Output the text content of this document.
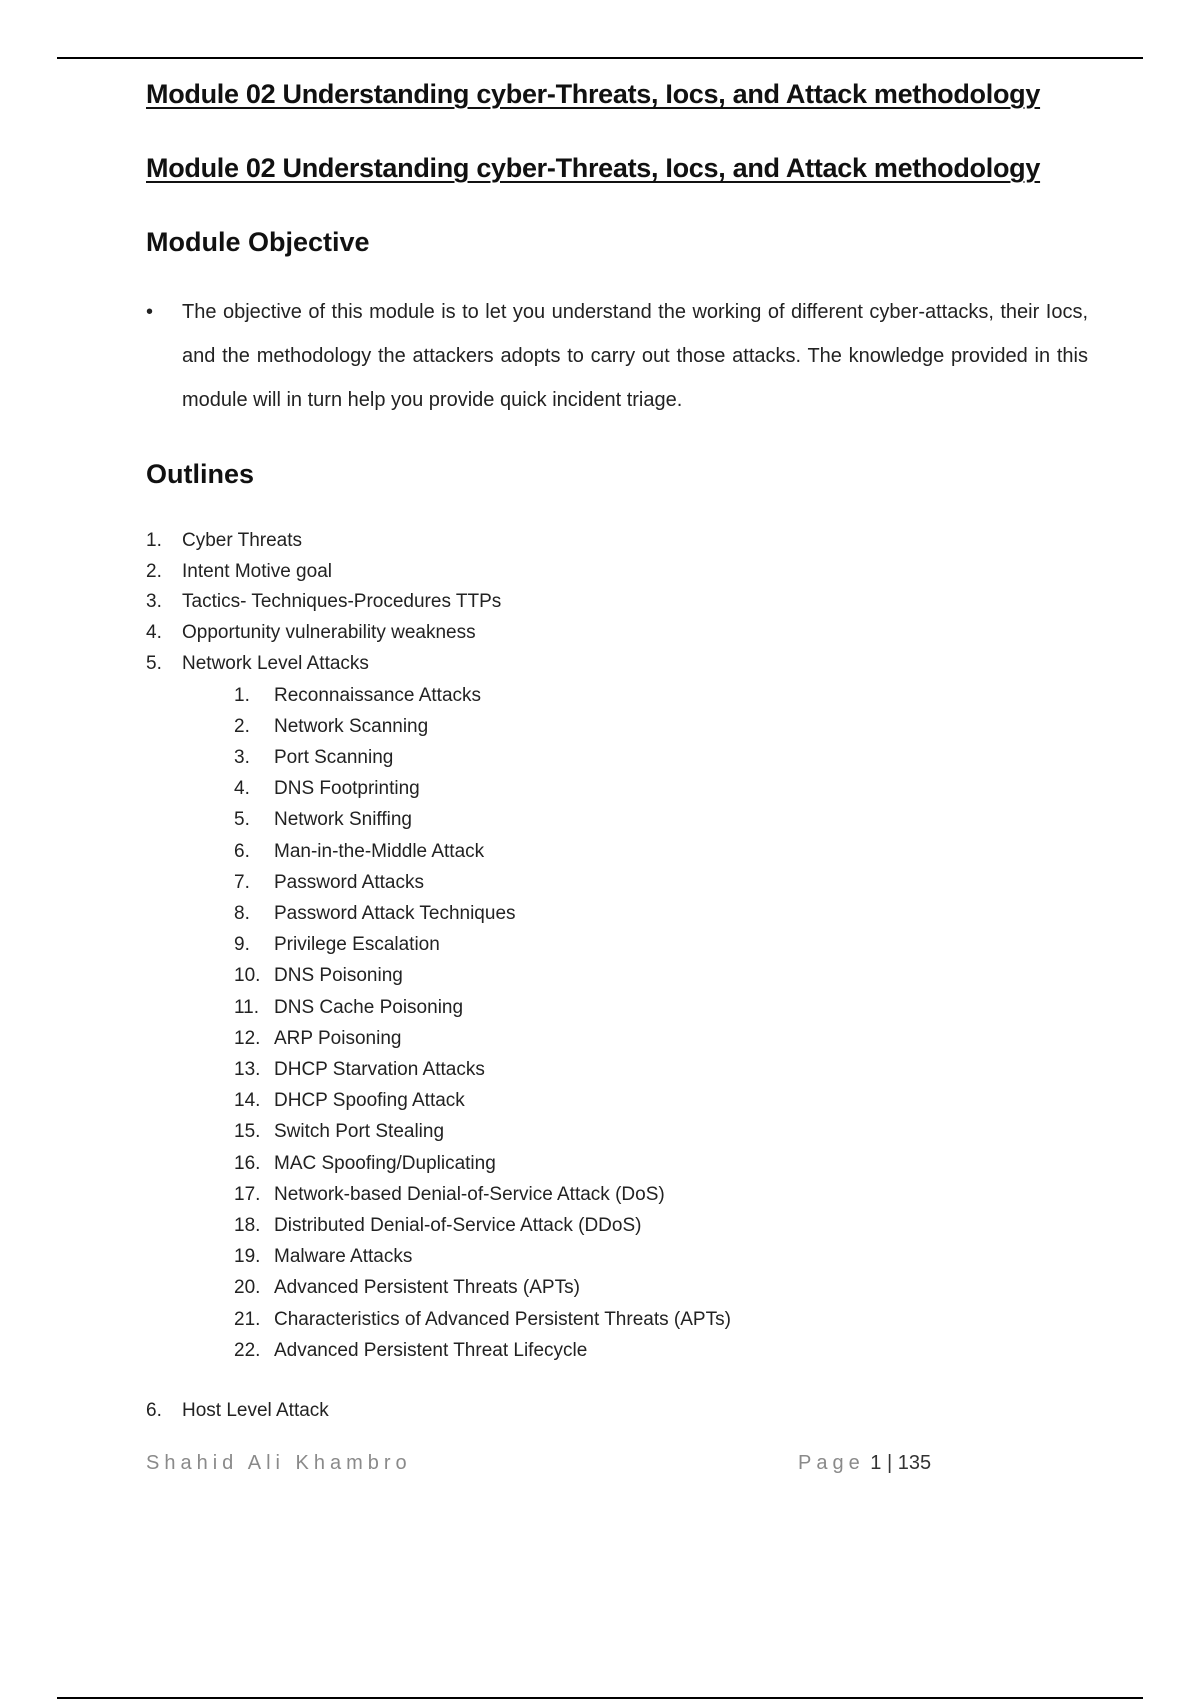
Module 02 Understanding cyber-Threats, Iocs, and Attack methodology
Module 02 Understanding cyber-Threats, Iocs, and Attack methodology
Module Objective
•	The objective of this module is to let you understand the working of different cyber-attacks, their Iocs, and the methodology the attackers adopts to carry out those attacks. The knowledge provided in this module will in turn help you provide quick incident triage.
Outlines
1.	Cyber Threats
2.	Intent Motive goal
3.	Tactics- Techniques-Procedures TTPs
4.	Opportunity vulnerability weakness
5.	Network Level Attacks
1.	Reconnaissance Attacks
2.	Network Scanning
3.	Port Scanning
4.	DNS Footprinting
5.	Network Sniffing
6.	Man-in-the-Middle Attack
7.	Password Attacks
8.	Password Attack Techniques
9.	Privilege Escalation
10. DNS Poisoning
11. DNS Cache Poisoning
12. ARP Poisoning
13. DHCP Starvation Attacks
14. DHCP Spoofing Attack
15. Switch Port Stealing
16. MAC Spoofing/Duplicating
17. Network-based Denial-of-Service Attack (DoS)
18. Distributed Denial-of-Service Attack (DDoS)
19. Malware Attacks
20. Advanced Persistent Threats (APTs)
21. Characteristics of Advanced Persistent Threats (APTs)
22. Advanced Persistent Threat Lifecycle
6.	Host Level Attack
Shahid Ali Khambro	Page 1 | 135
